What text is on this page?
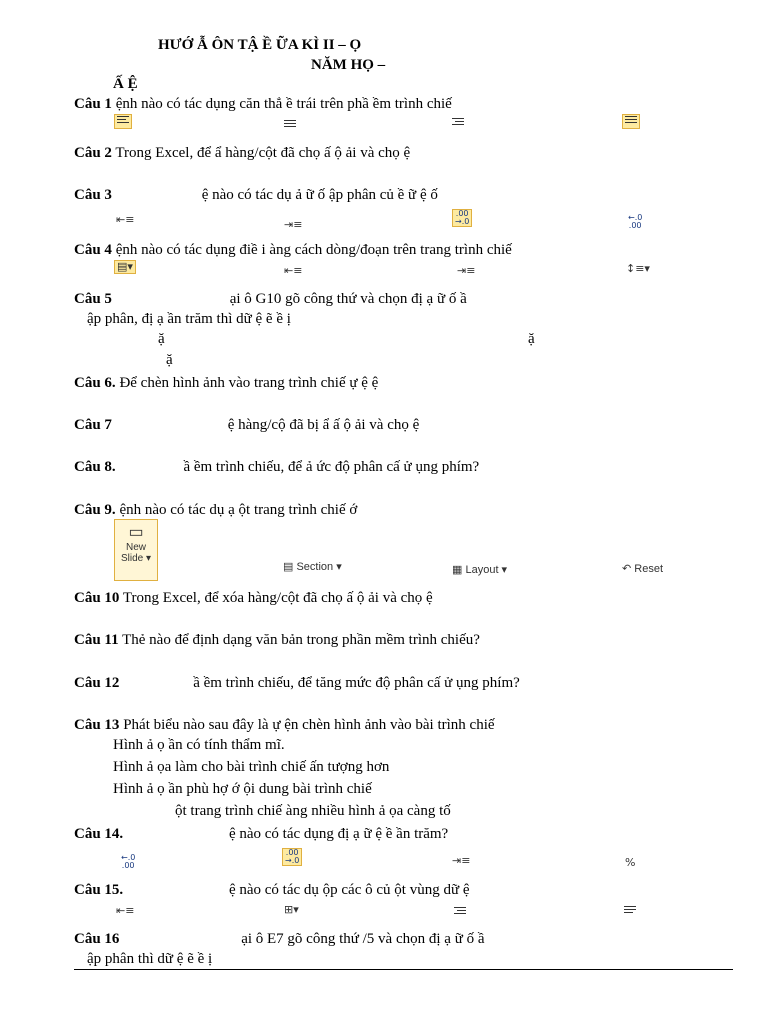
HƯỚ Ẫ ÔN TẬ Ề ỮA KÌ II – Ọ
NĂM HỌ –
Ấ Ệ
Câu 1 ệnh nào có tác dụng căn thẳ ề trái trên phầ ềm trình chiế
Câu 2 Trong Excel, để ẩ hàng/cột đã chọ ấ ộ ải và chọ ệ
Câu 3	ệ nào có tác dụ ả ữ ố ập phân củ ề ữ ệ ố
⇤≡	⇥≡
.00
→.0	←.0
.00
Câu 4 ệnh nào có tác dụng điề i àng cách dòng/đoạn trên trang trình chiế
▤▾	⇤≡	⇥≡	↕≡▾
Câu 5	ại ô G10 gõ công thứ và chọn đị ạ ữ ố ầ
ập phân, đị ạ ần trăm thì dữ ệ ẽ ề ị
ặ	ặ
ặ
Câu 6. Để chèn hình ảnh vào trang trình chiế ự ệ ệ
Câu 7	ệ hàng/cộ đã bị ẩ ấ ộ ải và chọ ệ
Câu 8.	ầ ềm trình chiếu, để ả ức độ phân cấ ử ụng phím?
Câu 9. ệnh nào có tác dụ ạ ột trang trình chiế ớ
▭
New
Slide ▾
▤ Section ▾	▦ Layout ▾	↶ Reset
Câu 10 Trong Excel, để xóa hàng/cột đã chọ ấ ộ ải và chọ ệ
Câu 11 Thẻ nào để định dạng văn bản trong phần mềm trình chiếu?
Câu 12	ầ ềm trình chiếu, để tăng mức độ phân cấ ử ụng phím?
Câu 13 Phát biểu nào sau đây là ự ện chèn hình ảnh vào bài trình chiế
Hình ả ọ ần có tính thẩm mĩ.
Hình ả ọa làm cho bài trình chiế ấn tượng hơn
Hình ả ọ ần phù hợ ớ ội dung bài trình chiế
ột trang trình chiế àng nhiều hình ả ọa càng tố
Câu 14.	ệ nào có tác dụng đị ạ ữ ệ ề ần trăm?
←.0
.00
.00
→.0	⇥≡	%
Câu 15.	ệ nào có tác dụ ộp các ô củ ột vùng dữ ệ
⇤≡	⊞▾
Câu 16	ại ô E7 gõ công thứ /5 và chọn đị ạ ữ ố ầ
ập phân thì dữ ệ ẽ ề ị
